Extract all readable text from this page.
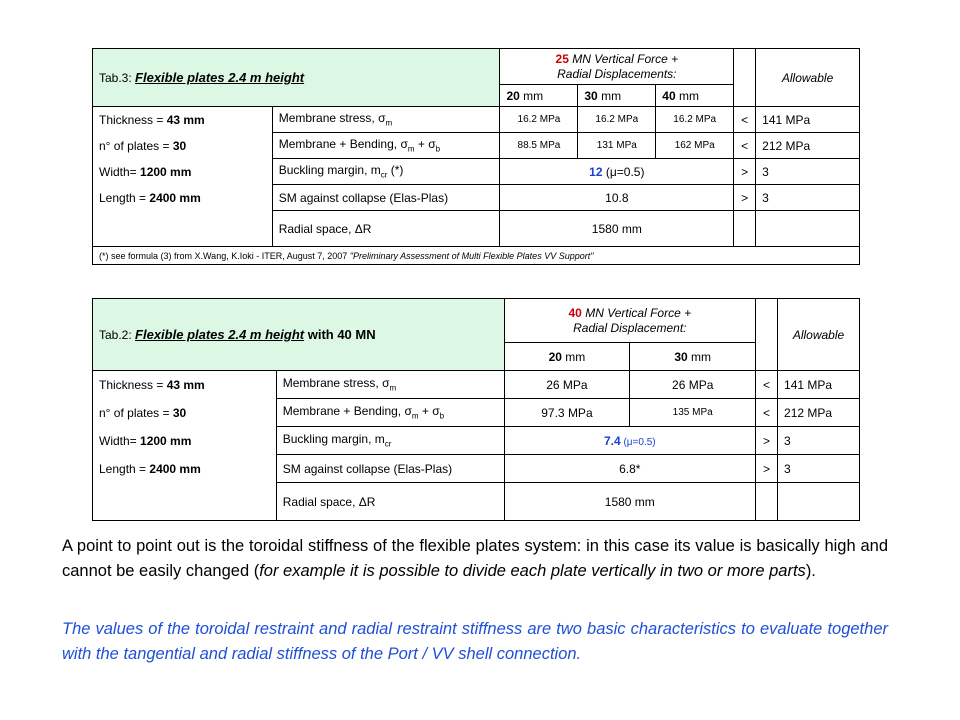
Tab.3: Flexible plates 2.4 m height		25 MN Vertical Force +
Radial Displacements:				Allowable
		20 mm	30 mm	40 mm		
Thickness = 43 mm	Membrane stress, $\sigma_m$	16.2 MPa	16.2 MPa	16.2 MPa	<	141 MPa
n° of plates = 30	Membrane + Bending, $\sigma_m + \sigma_b$	88.5 MPa	131 MPa	162 MPa	<	212 MPa
Width= 1200 mm	Buckling margin, $m_{cr}$ (*)	12 (μ=0.5)			>	3
Length = 2400 mm	SM against collapse (Elas-Plas)	10.8			>	3
	Radial space, ΔR	1580 mm				
(*) see formula (3) from X.Wang, K.Ioki - ITER, August 7, 2007 "Preliminary Assessment of Multi Flexible Plates VV Support"						
Tab.2: Flexible plates 2.4 m height with 40 MN		40 MN Vertical Force +
Radial Displacement:			Allowable
		20 mm	30 mm		
Thickness = 43 mm	Membrane stress, $\sigma_m$	26 MPa	26 MPa	<	141 MPa
n° of plates = 30	Membrane + Bending, $\sigma_m + \sigma_b$	97.3 MPa	135 MPa	<	212 MPa
Width= 1200 mm	Buckling margin, $m_{cr}$	7.4 (μ=0.5)		>	3
Length = 2400 mm	SM against collapse (Elas-Plas)	6.8*		>	3
	Radial space, ΔR	1580 mm			
A point to point out is the toroidal stiffness of the flexible plates system: in this case its value is basically high and cannot be easily changed (for example it is possible to divide each plate vertically in two or more parts).
The values of the toroidal restraint and radial restraint stiffness are two basic characteristics to evaluate together with the tangential and radial stiffness of the Port / VV shell connection.
